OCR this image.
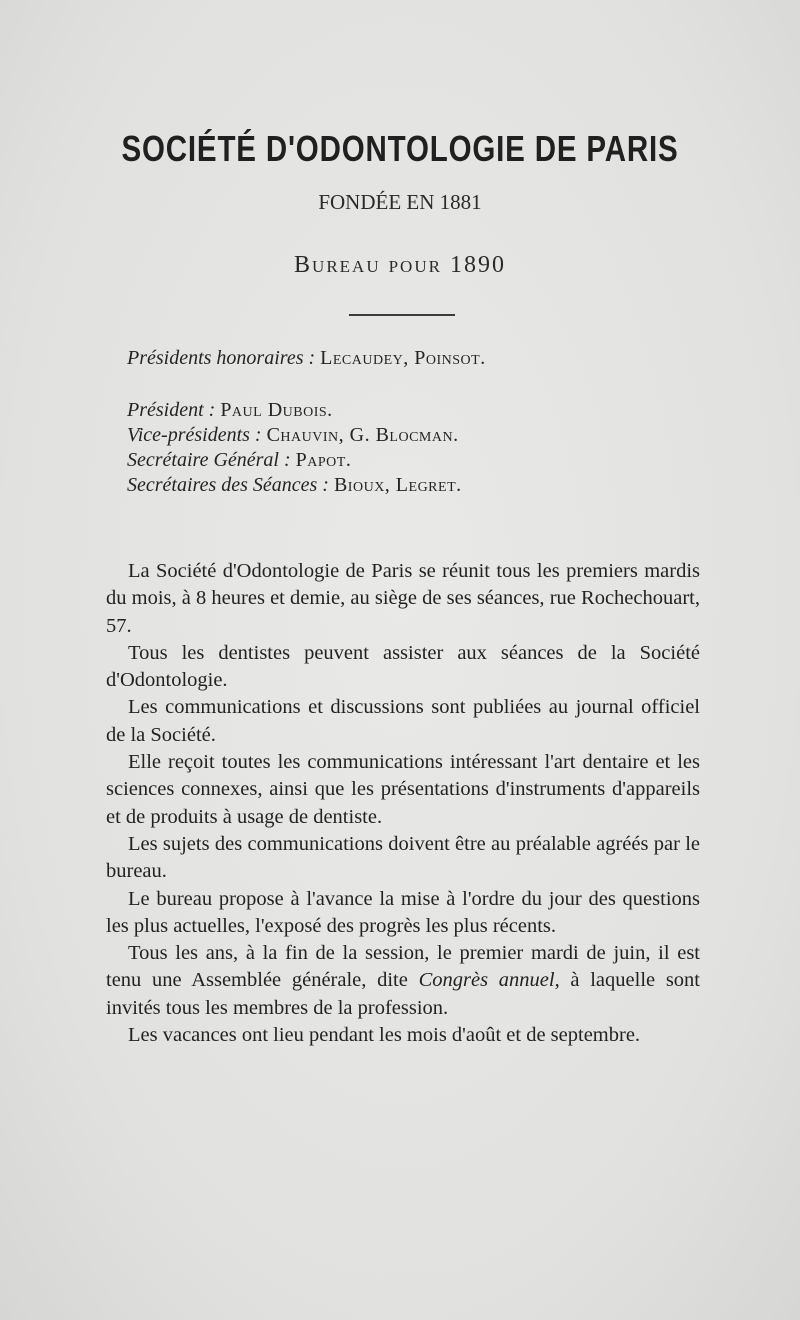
SOCIÉTÉ D'ODONTOLOGIE DE PARIS
FONDÉE EN 1881
Bureau pour 1890
Présidents honoraires : Lecaudey, Poinsot.
Président : Paul Dubois.
Vice-présidents : Chauvin, G. Blocman.
Secrétaire Général : Papot.
Secrétaires des Séances : Bioux, Legret.

La Société d'Odontologie de Paris se réunit tous les premiers mardis du mois, à 8 heures et demie, au siège de ses séances, rue Rochechouart, 57.

Tous les dentistes peuvent assister aux séances de la Société d'Odontologie.

Les communications et discussions sont publiées au journal officiel de la Société.

Elle reçoit toutes les communications intéressant l'art dentaire et les sciences connexes, ainsi que les présentations d'instruments d'appareils et de produits à usage de dentiste.

Les sujets des communications doivent être au préalable agréés par le bureau.

Le bureau propose à l'avance la mise à l'ordre du jour des questions les plus actuelles, l'exposé des progrès les plus récents.

Tous les ans, à la fin de la session, le premier mardi de juin, il est tenu une Assemblée générale, dite Congrès annuel, à laquelle sont invités tous les membres de la profession.

Les vacances ont lieu pendant les mois d'août et de septembre.
